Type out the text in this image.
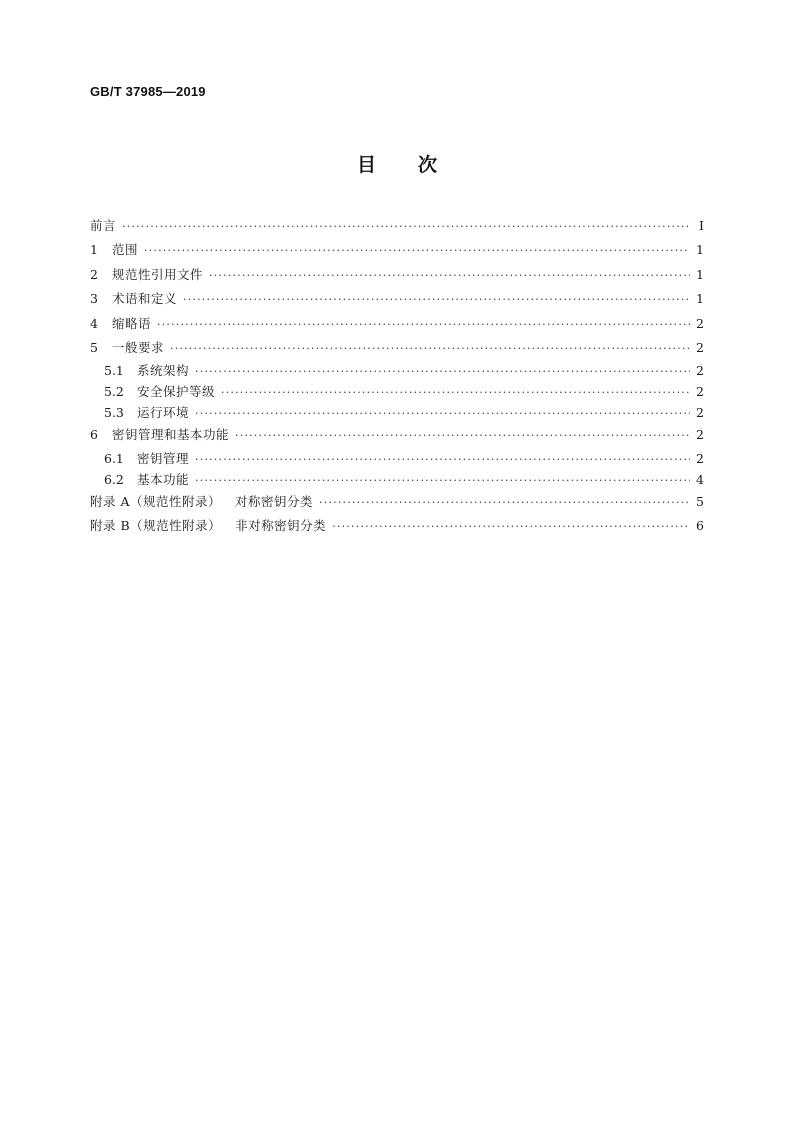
GB/T 37985—2019
目次
前言 ·····	I
1	范围 ·····	1
2	规范性引用文件 ·····	1
3	术语和定义 ·····	1
4	缩略语 ·····	2
5	一般要求 ·····	2
5.1	系统架构 ·····	2
5.2	安全保护等级 ·····	2
5.3	运行环境 ·····	2
6	密钥管理和基本功能 ·····	2
6.1	密钥管理 ·····	2
6.2	基本功能 ·····	4
附录 A（规范性附录） 对称密钥分类 ·····	5
附录 B（规范性附录） 非对称密钥分类 ·····	6
